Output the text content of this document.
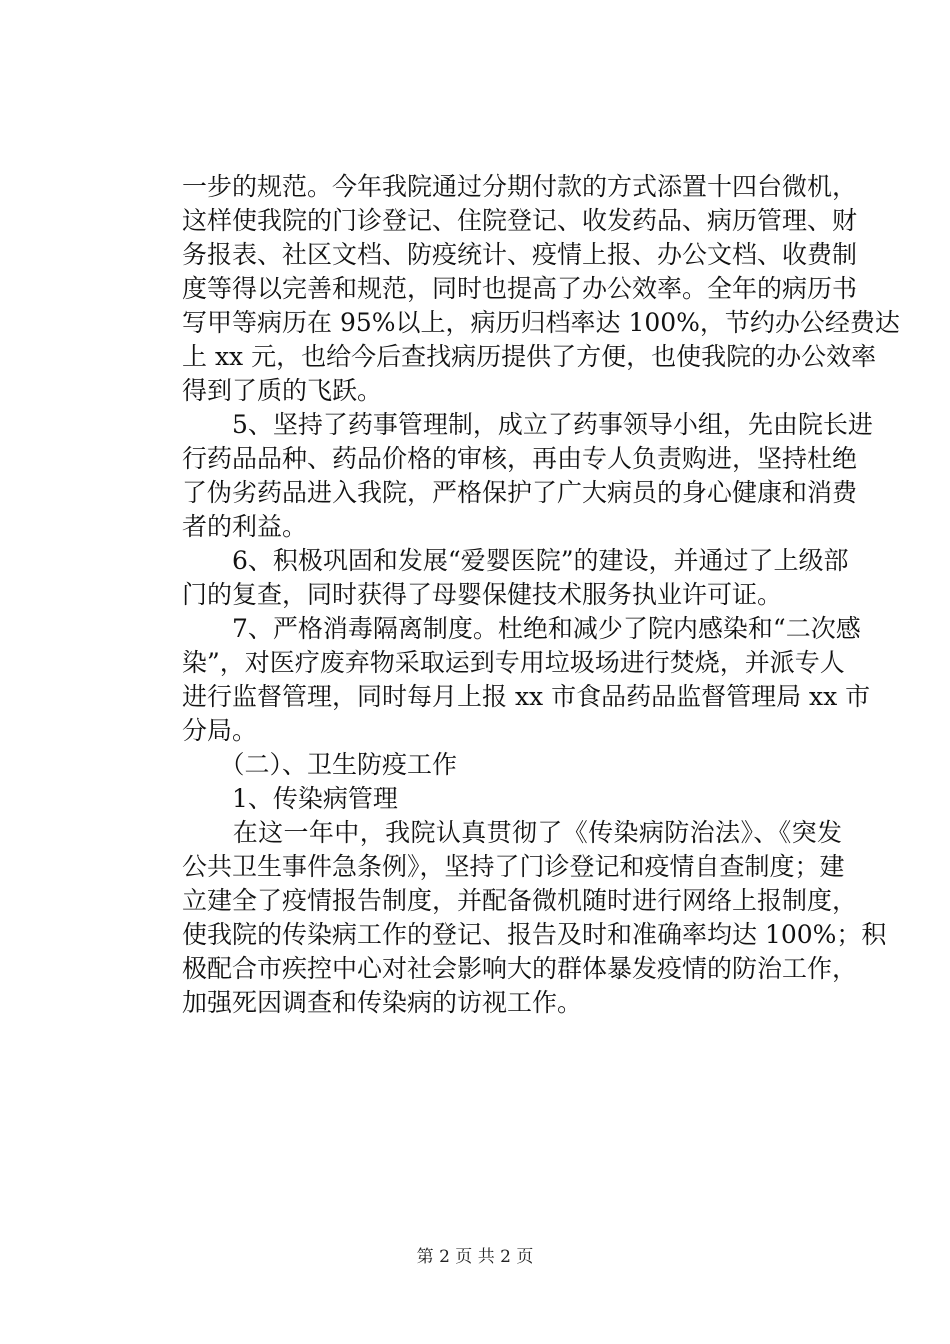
一步的规范。今年我院通过分期付款的方式添置十四台微机，
这样使我院的门诊登记、住院登记、收发药品、病历管理、财
务报表、社区文档、防疫统计、疫情上报、办公文档、收费制
度等得以完善和规范，同时也提高了办公效率。全年的病历书
写甲等病历在 95%以上，病历归档率达 100%，节约办公经费达
上 xx 元，也给今后查找病历提供了方便，也使我院的办公效率
得到了质的飞跃。
　　5、坚持了药事管理制，成立了药事领导小组，先由院长进
行药品品种、药品价格的审核，再由专人负责购进，坚持杜绝
了伪劣药品进入我院，严格保护了广大病员的身心健康和消费
者的利益。
　　6、积极巩固和发展“爱婴医院”的建设，并通过了上级部
门的复查，同时获得了母婴保健技术服务执业许可证。
　　7、严格消毒隔离制度。杜绝和减少了院内感染和“二次感
染”，对医疗废弃物采取运到专用垃圾场进行焚烧，并派专人
进行监督管理，同时每月上报 xx 市食品药品监督管理局 xx 市
分局。
　　（二）、卫生防疫工作
　　1、传染病管理
　　在这一年中，我院认真贯彻了《传染病防治法》、《突发
公共卫生事件急条例》，坚持了门诊登记和疫情自查制度；建
立建全了疫情报告制度，并配备微机随时进行网络上报制度，
使我院的传染病工作的登记、报告及时和准确率均达 100%；积
极配合市疾控中心对社会影响大的群体暴发疫情的防治工作，
加强死因调查和传染病的访视工作。
第 2 页 共 2 页
